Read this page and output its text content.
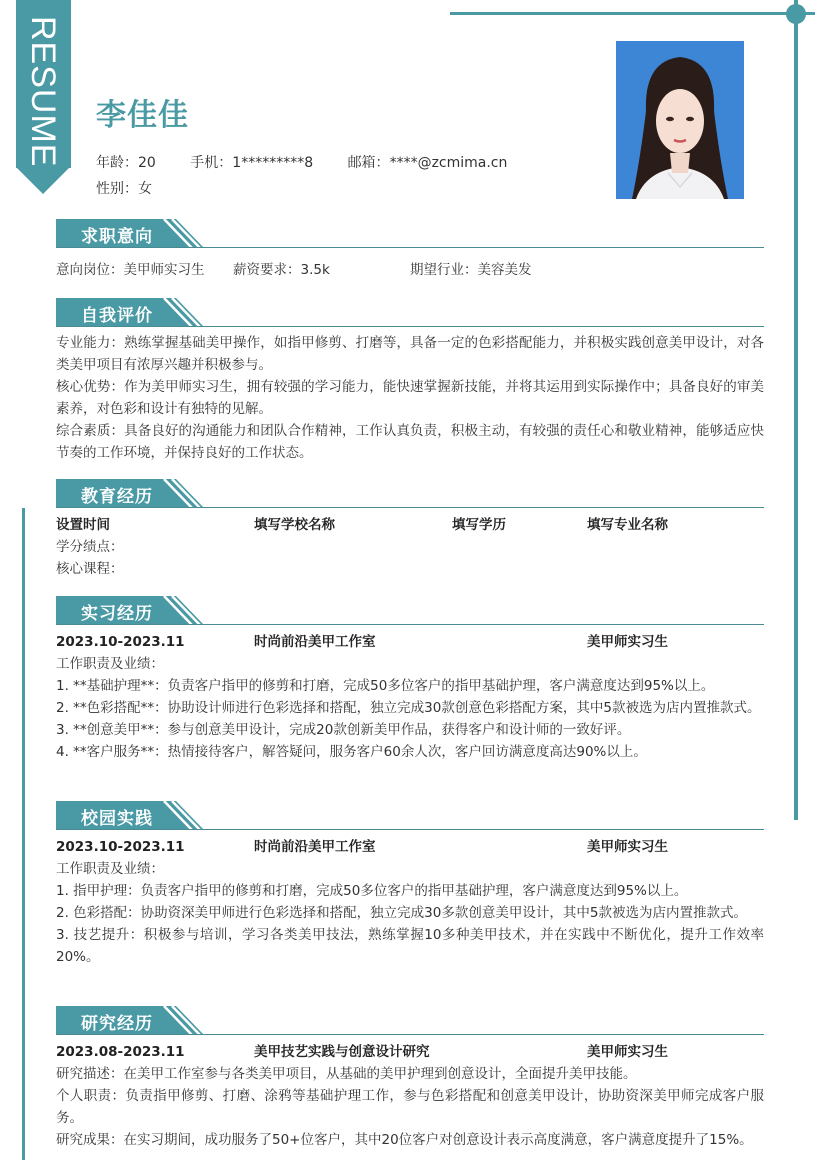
RESUME 李佳佳
年龄：20 手机：1*********8 邮箱：****@zcmima.cn
性别：女
求职意向
意向岗位：美甲师实习生 薪资要求：3.5k	期望行业：美容美发
自我评价

专业能力：熟练掌握基础美甲操作，如指甲修剪、打磨等，具备一定的色彩搭配能力，并积极实践创意美甲设计，对各类美甲项目有浓厚兴趣并积极参与。

核心优势：作为美甲师实习生，拥有较强的学习能力，能快速掌握新技能，并将其运用到实际操作中；具备良好的审美素养，对色彩和设计有独特的见解。

综合素质：具备良好的沟通能力和团队合作精神，工作认真负责，积极主动，有较强的责任心和敬业精神，能够适应快节奏的工作环境，并保持良好的工作状态。

教育经历
设置时间	填写学校名称	填写学历	填写专业名称
学分绩点：
核心课程：
实习经历
2023.10-2023.11	时尚前沿美甲工作室	美甲师实习生
工作职责及业绩：

1. **基础护理**：负责客户指甲的修剪和打磨，完成50多位客户的指甲基础护理，客户满意度达到95%以上。

2. **色彩搭配**：协助设计师进行色彩选择和搭配，独立完成30款创意色彩搭配方案，其中5款被选为店内置推款式。

3. **创意美甲**：参与创意美甲设计，完成20款创新美甲作品，获得客户和设计师的一致好评。

4. **客户服务**：热情接待客户，解答疑问，服务客户60余人次，客户回访满意度高达90%以上。

校园实践
2023.10-2023.11	时尚前沿美甲工作室	美甲师实习生
工作职责及业绩：

1. 指甲护理：负责客户指甲的修剪和打磨，完成50多位客户的指甲基础护理，客户满意度达到95%以上。

2. 色彩搭配：协助资深美甲师进行色彩选择和搭配，独立完成30多款创意美甲设计，其中5款被选为店内置推款式。

3. 技艺提升：积极参与培训，学习各类美甲技法，熟练掌握10多种美甲技术，并在实践中不断优化，提升工作效率20%。

研究经历
2023.08-2023.11	美甲技艺实践与创意设计研究	美甲师实习生

研究描述：在美甲工作室参与各类美甲项目，从基础的美甲护理到创意设计，全面提升美甲技能。

个人职责：负责指甲修剪、打磨、涂鸦等基础护理工作，参与色彩搭配和创意美甲设计，协助资深美甲师完成客户服务。

研究成果：在实习期间，成功服务了50+位客户，其中20位客户对创意设计表示高度满意，客户满意度提升了15%。
